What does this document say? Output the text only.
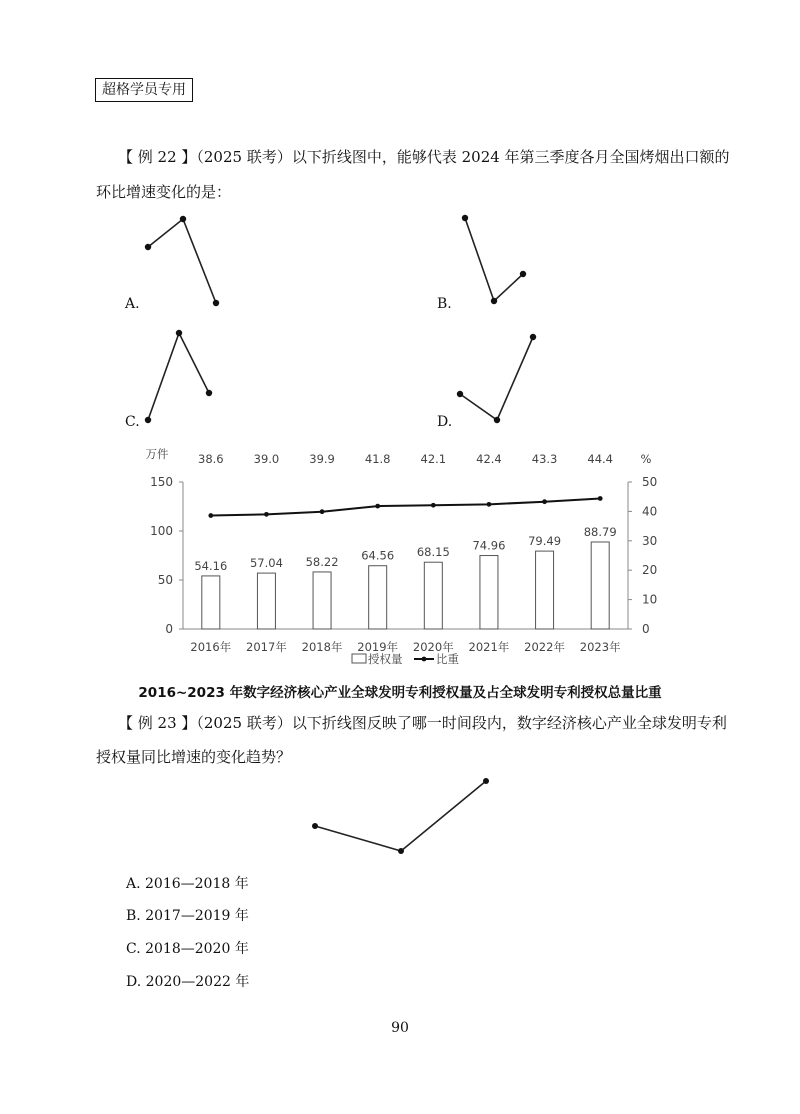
超格学员专用
【 例 22 】（2025 联考）以下折线图中，能够代表 2024 年第三季度各月全国烤烟出口额的
环比增速变化的是：
A.	B.
C.	D.
万件	%
0
50
100
150
0
10
20
30
40
50
2016年 2017年 2018年 2019年 2020年 2021年 2022年 2023年
54.16 57.04 58.22 64.56 68.15 74.96 79.49
88.79
38.6	39.0	39.9	41.8	42.1	42.4	43.3	44.4
授权量	比重
2016~2023 年数字经济核心产业全球发明专利授权量及占全球发明专利授权总量比重
【 例 23 】（2025 联考）以下折线图反映了哪一时间段内，数字经济核心产业全球发明专利
授权量同比增速的变化趋势？
A. 2016—2018 年
B. 2017—2019 年
C. 2018—2020 年
D. 2020—2022 年
90
